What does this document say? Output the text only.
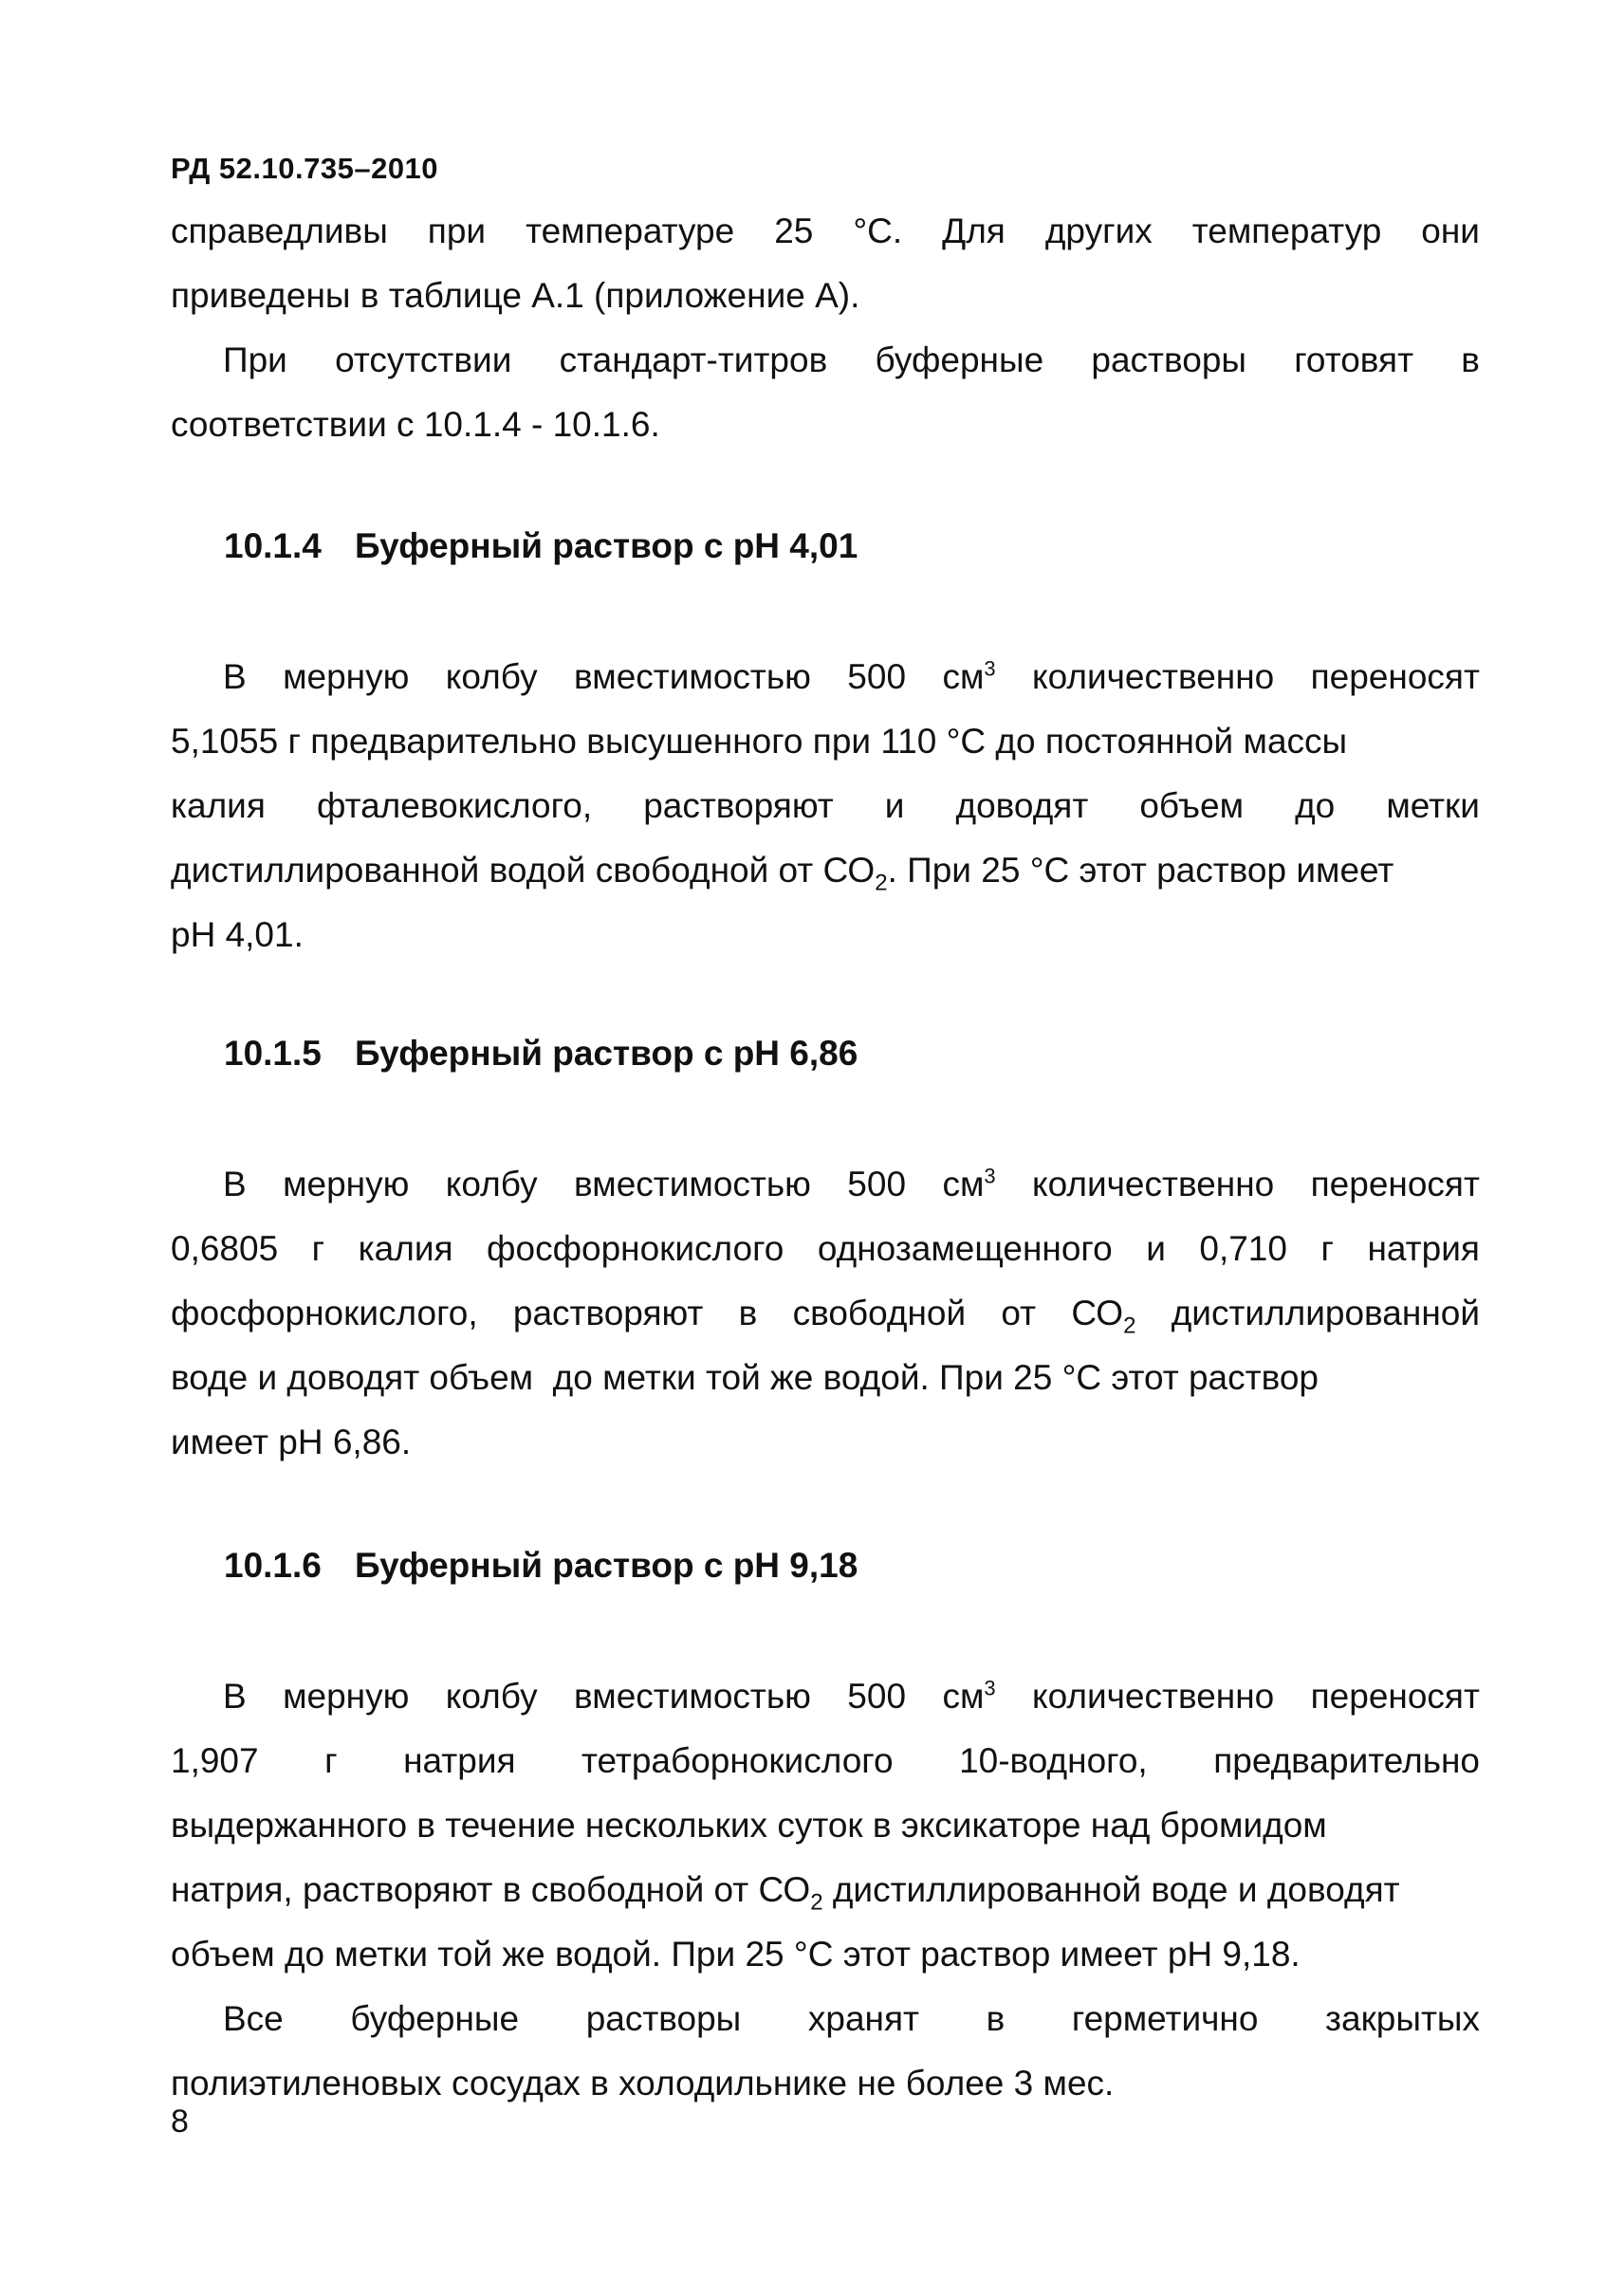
РД 52.10.735–2010
справедливы при температуре 25 °С. Для других температур они
приведены в таблице А.1 (приложение А).
При отсутствии стандарт-титров буферные растворы готовят в
соответствии с 10.1.4 - 10.1.6.
10.1.4 Буферный раствор с рН 4,01
В мерную колбу вместимостью 500 $см^3$ количественно переносят
5,1055 г предварительно высушенного при 110 °С до постоянной массы
калия фталевокислого, растворяют и доводят объем до метки
дистиллированной водой свободной от $СО_2$. При 25 °С этот раствор имеет
рН 4,01.
10.1.5 Буферный раствор с рН 6,86
В мерную колбу вместимостью 500 $см^3$ количественно переносят
0,6805 г калия фосфорнокислого однозамещенного и 0,710 г натрия
фосфорнокислого, растворяют в свободной от $СО_2$ дистиллированной
воде и доводят объем  до метки той же водой. При 25 °С этот раствор
имеет рН 6,86.
10.1.6 Буферный раствор с рН 9,18
В мерную колбу вместимостью 500 $см^3$ количественно переносят
1,907 г натрия тетраборнокислого 10-водного, предварительно
выдержанного в течение нескольких суток в эксикаторе над бромидом
натрия, растворяют в свободной от $СО_2$ дистиллированной воде и доводят
объем до метки той же водой. При 25 °С этот раствор имеет рН 9,18.
Все буферные растворы хранят в герметично закрытых
полиэтиленовых сосудах в холодильнике не более 3 мес.
8
